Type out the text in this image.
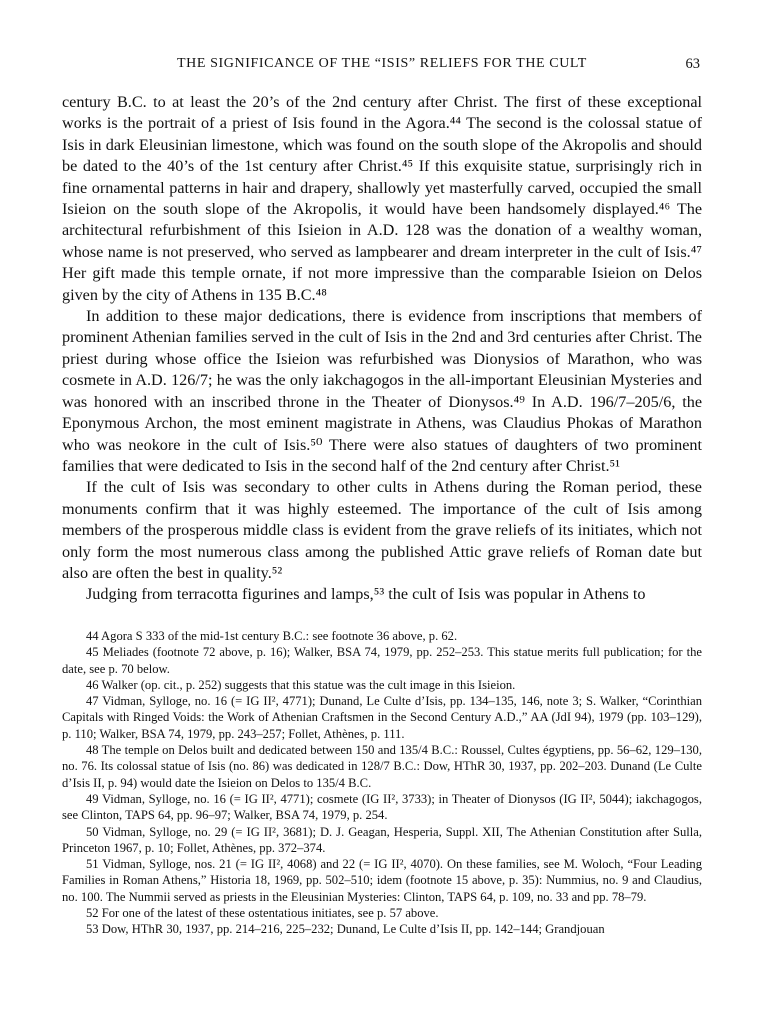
THE SIGNIFICANCE OF THE “ISIS” RELIEFS FOR THE CULT	63

century B.C. to at least the 20’s of the 2nd century after Christ. The first of these exceptional works is the portrait of a priest of Isis found in the Agora.⁴⁴ The second is the colossal statue of Isis in dark Eleusinian limestone, which was found on the south slope of the Akropolis and should be dated to the 40’s of the 1st century after Christ.⁴⁵ If this exquisite statue, surprisingly rich in fine ornamental patterns in hair and drapery, shallowly yet masterfully carved, occupied the small Isieion on the south slope of the Akropolis, it would have been handsomely displayed.⁴⁶ The architectural refurbishment of this Isieion in A.D. 128 was the donation of a wealthy woman, whose name is not preserved, who served as lampbearer and dream interpreter in the cult of Isis.⁴⁷ Her gift made this temple ornate, if not more impressive than the comparable Isieion on Delos given by the city of Athens in 135 B.C.⁴⁸

In addition to these major dedications, there is evidence from inscriptions that members of prominent Athenian families served in the cult of Isis in the 2nd and 3rd centuries after Christ. The priest during whose office the Isieion was refurbished was Dionysios of Marathon, who was cosmete in A.D. 126/7; he was the only iakchagogos in the all-important Eleusinian Mysteries and was honored with an inscribed throne in the Theater of Dionysos.⁴⁹ In A.D. 196/7–205/6, the Eponymous Archon, the most eminent magistrate in Athens, was Claudius Phokas of Marathon who was neokore in the cult of Isis.⁵⁰ There were also statues of daughters of two prominent families that were dedicated to Isis in the second half of the 2nd century after Christ.⁵¹

If the cult of Isis was secondary to other cults in Athens during the Roman period, these monuments confirm that it was highly esteemed. The importance of the cult of Isis among members of the prosperous middle class is evident from the grave reliefs of its initiates, which not only form the most numerous class among the published Attic grave reliefs of Roman date but also are often the best in quality.⁵²

Judging from terracotta figurines and lamps,⁵³ the cult of Isis was popular in Athens to

44 Agora S 333 of the mid-1st century B.C.: see footnote 36 above, p. 62.

45 Meliades (footnote 72 above, p. 16); Walker, BSA 74, 1979, pp. 252–253. This statue merits full publication; for the date, see p. 70 below.

46 Walker (op. cit., p. 252) suggests that this statue was the cult image in this Isieion.

47 Vidman, Sylloge, no. 16 (= IG II², 4771); Dunand, Le Culte d’Isis, pp. 134–135, 146, note 3; S. Walker, “Corinthian Capitals with Ringed Voids: the Work of Athenian Craftsmen in the Second Century A.D.,” AA (JdI 94), 1979 (pp. 103–129), p. 110; Walker, BSA 74, 1979, pp. 243–257; Follet, Athènes, p. 111.

48 The temple on Delos built and dedicated between 150 and 135/4 B.C.: Roussel, Cultes égyptiens, pp. 56–62, 129–130, no. 76. Its colossal statue of Isis (no. 86) was dedicated in 128/7 B.C.: Dow, HThR 30, 1937, pp. 202–203. Dunand (Le Culte d’Isis II, p. 94) would date the Isieion on Delos to 135/4 B.C.

49 Vidman, Sylloge, no. 16 (= IG II², 4771); cosmete (IG II², 3733); in Theater of Dionysos (IG II², 5044); iakchagogos, see Clinton, TAPS 64, pp. 96–97; Walker, BSA 74, 1979, p. 254.

50 Vidman, Sylloge, no. 29 (= IG II², 3681); D. J. Geagan, Hesperia, Suppl. XII, The Athenian Constitution after Sulla, Princeton 1967, p. 10; Follet, Athènes, pp. 372–374.

51 Vidman, Sylloge, nos. 21 (= IG II², 4068) and 22 (= IG II², 4070). On these families, see M. Woloch, “Four Leading Families in Roman Athens,” Historia 18, 1969, pp. 502–510; idem (footnote 15 above, p. 35): Nummius, no. 9 and Claudius, no. 100. The Nummii served as priests in the Eleusinian Mysteries: Clinton, TAPS 64, p. 109, no. 33 and pp. 78–79.

52 For one of the latest of these ostentatious initiates, see p. 57 above.

53 Dow, HThR 30, 1937, pp. 214–216, 225–232; Dunand, Le Culte d’Isis II, pp. 142–144; Grandjouan
